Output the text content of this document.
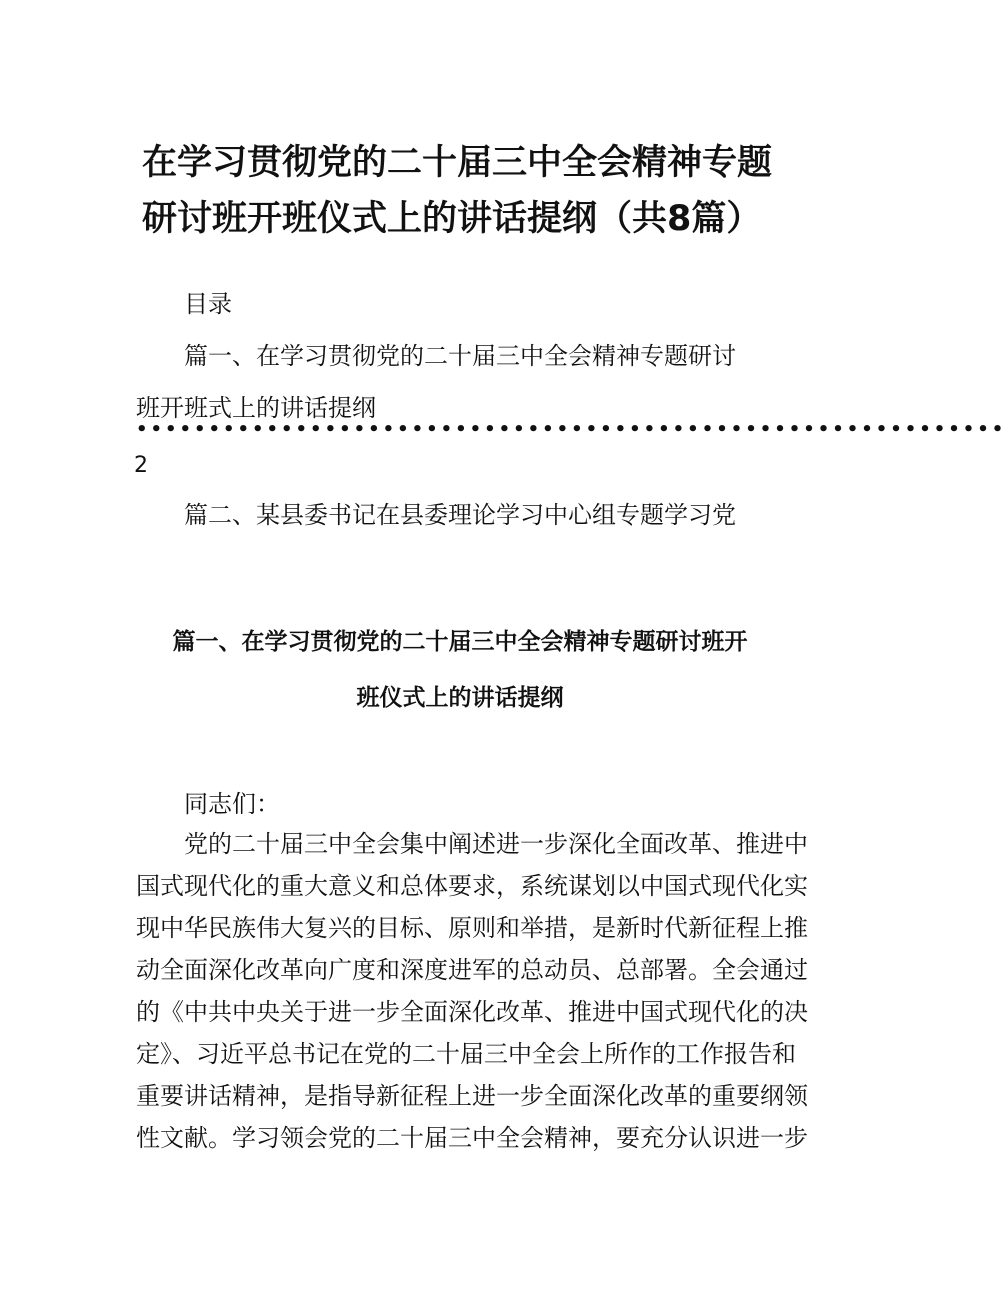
在学习贯彻党的二十届三中全会精神专题
研讨班开班仪式上的讲话提纲（共8篇）
目录
篇一、在学习贯彻党的二十届三中全会精神专题研讨
班开班式上的讲话提纲
••••••••••••••••••••••••••••••••••••••••••••••••••••••••••••
2
篇二、某县委书记在县委理论学习中心组专题学习党
篇一、在学习贯彻党的二十届三中全会精神专题研讨班开
班仪式上的讲话提纲
同志们：
党的二十届三中全会集中阐述进一步深化全面改革、推进中
国式现代化的重大意义和总体要求，系统谋划以中国式现代化实
现中华民族伟大复兴的目标、原则和举措，是新时代新征程上推
动全面深化改革向广度和深度进军的总动员、总部署。全会通过
的《中共中央关于进一步全面深化改革、推进中国式现代化的决
定》、习近平总书记在党的二十届三中全会上所作的工作报告和
重要讲话精神，是指导新征程上进一步全面深化改革的重要纲领
性文献。学习领会党的二十届三中全会精神，要充分认识进一步
